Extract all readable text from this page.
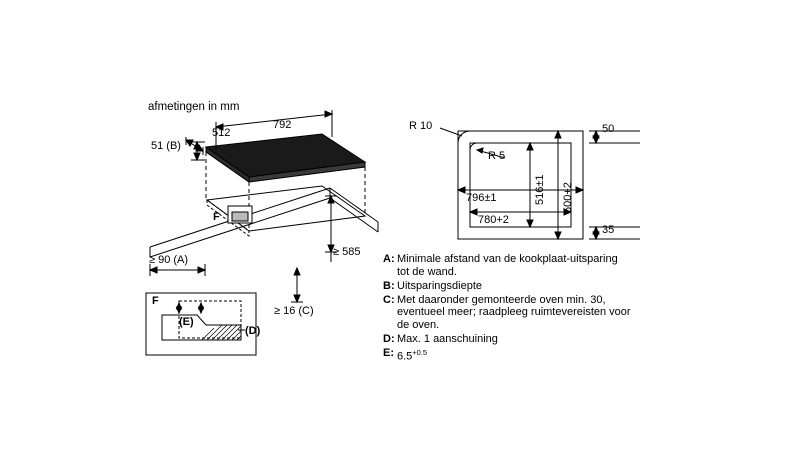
afmetingen in mm
512
792
51 (B)
F
≥ 585
≥ 90 (A)
≥ 16 (C)
F
(E)
(D)
R 10
R 5
50
35
796±1
780+2
516±1 500+2
A: Minimale afstand van de kookplaat-uitsparing tot de wand.
B: Uitsparingsdiepte
C: Met daaronder gemonteerde oven min. 30, eventueel meer; raadpleeg ruimtevereisten voor de oven.
D: Max. 1 aanschuining
E: $6.5^{+0.5}$
